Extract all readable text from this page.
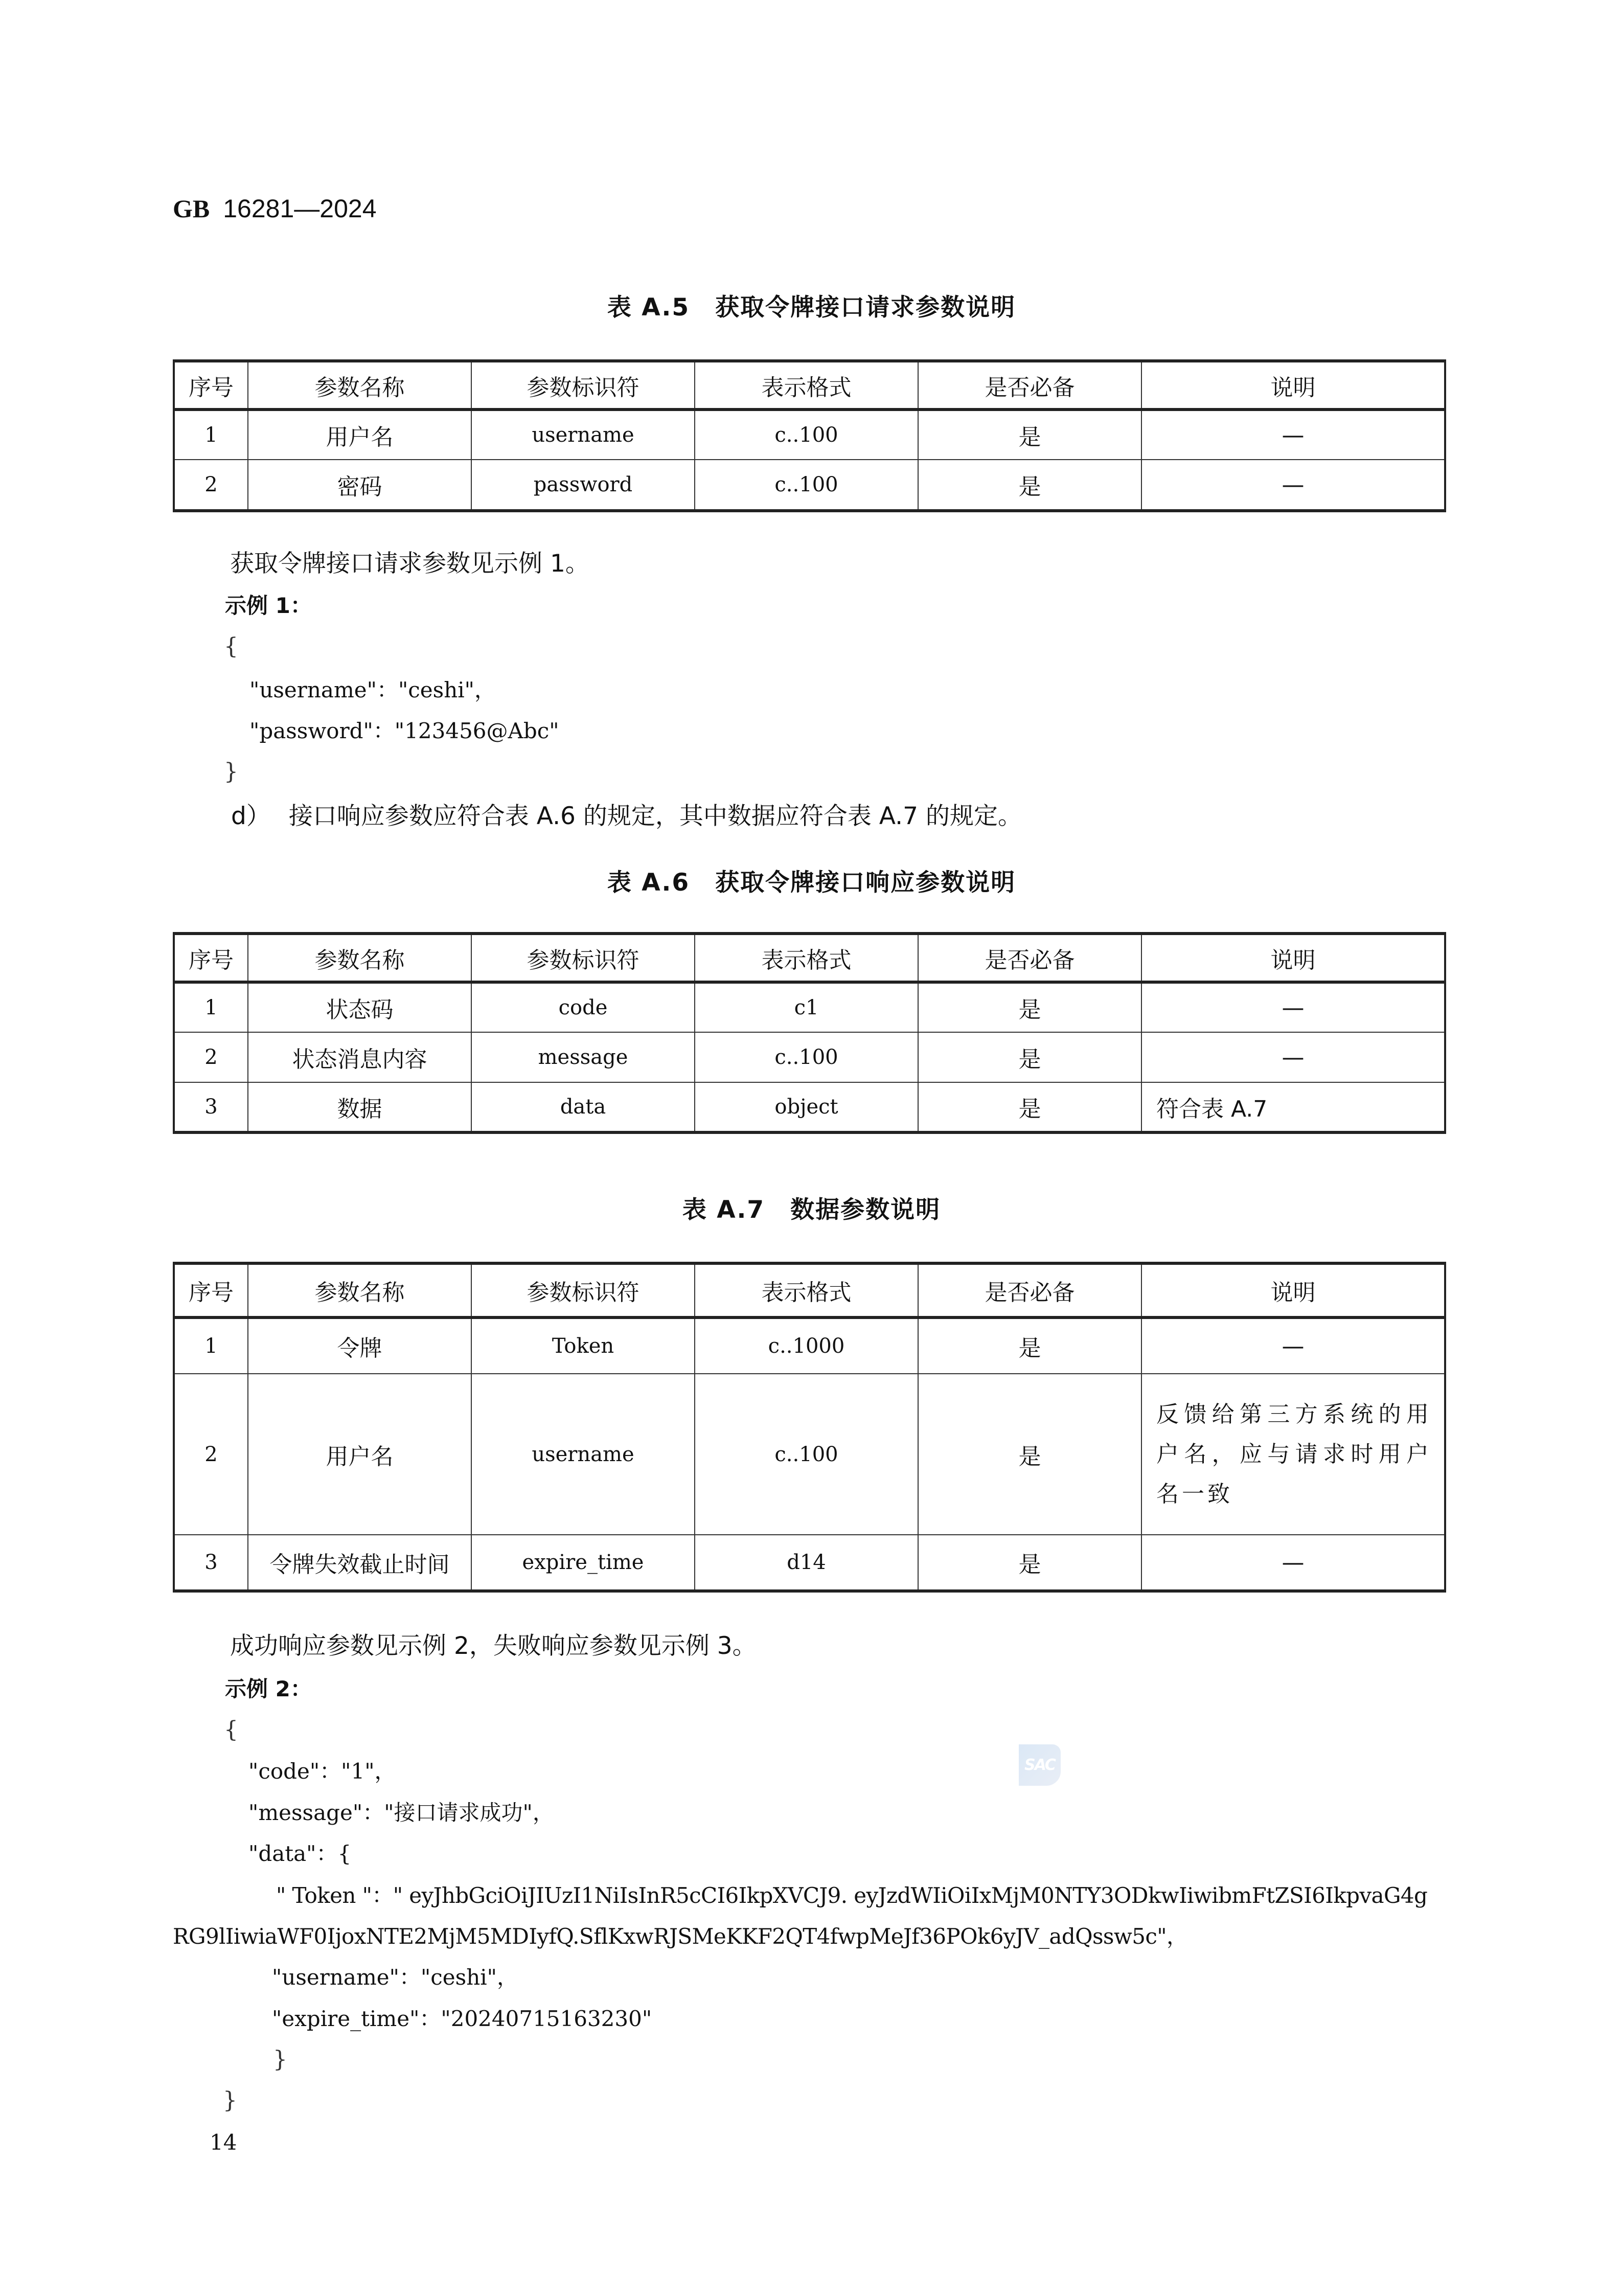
GB 16281—2024
表 A.5 获取令牌接口请求参数说明
序号	参数名称	参数标识符	表示格式	是否必备	说明
1	用户名	username	c..100	是	—
2	密码	password	c..100	是	—
获取令牌接口请求参数见示例 1。
示例 1：
{
"username"："ceshi"，
"password"："123456@Abc"
}
d） 接口响应参数应符合表 A.6 的规定，其中数据应符合表 A.7 的规定。
表 A.6 获取令牌接口响应参数说明
序号	参数名称	参数标识符	表示格式	是否必备	说明
1	状态码	code	c1	是	—
2	状态消息内容	message	c..100	是	—
3	数据	data	object	是	符合表 A.7
表 A.7 数据参数说明
序号	参数名称	参数标识符	表示格式	是否必备	说明
1	令牌	Token	c..1000	是	—
2	用户名	username	c..100	是	反馈给第三方系统的用户名，应与请求时用户名一致
3	令牌失效截止时间	expire_time	d14	是	—
成功响应参数见示例 2，失败响应参数见示例 3。
示例 2：
{
"code"："1"，
"message"："接口请求成功"，
"data"：{
" Token "：" eyJhbGciOiJIUzI1NiIsInR5cCI6IkpXVCJ9. eyJzdWIiOiIxMjM0NTY3ODkwIiwibmFtZSI6IkpvaG4g
RG9lIiwiaWF0IjoxNTE2MjM5MDIyfQ.SflKxwRJSMeKKF2QT4fwpMeJf36POk6yJV_adQssw5c"，
"username"："ceshi"，
"expire_time"："20240715163230"
}
}
SAC
14
